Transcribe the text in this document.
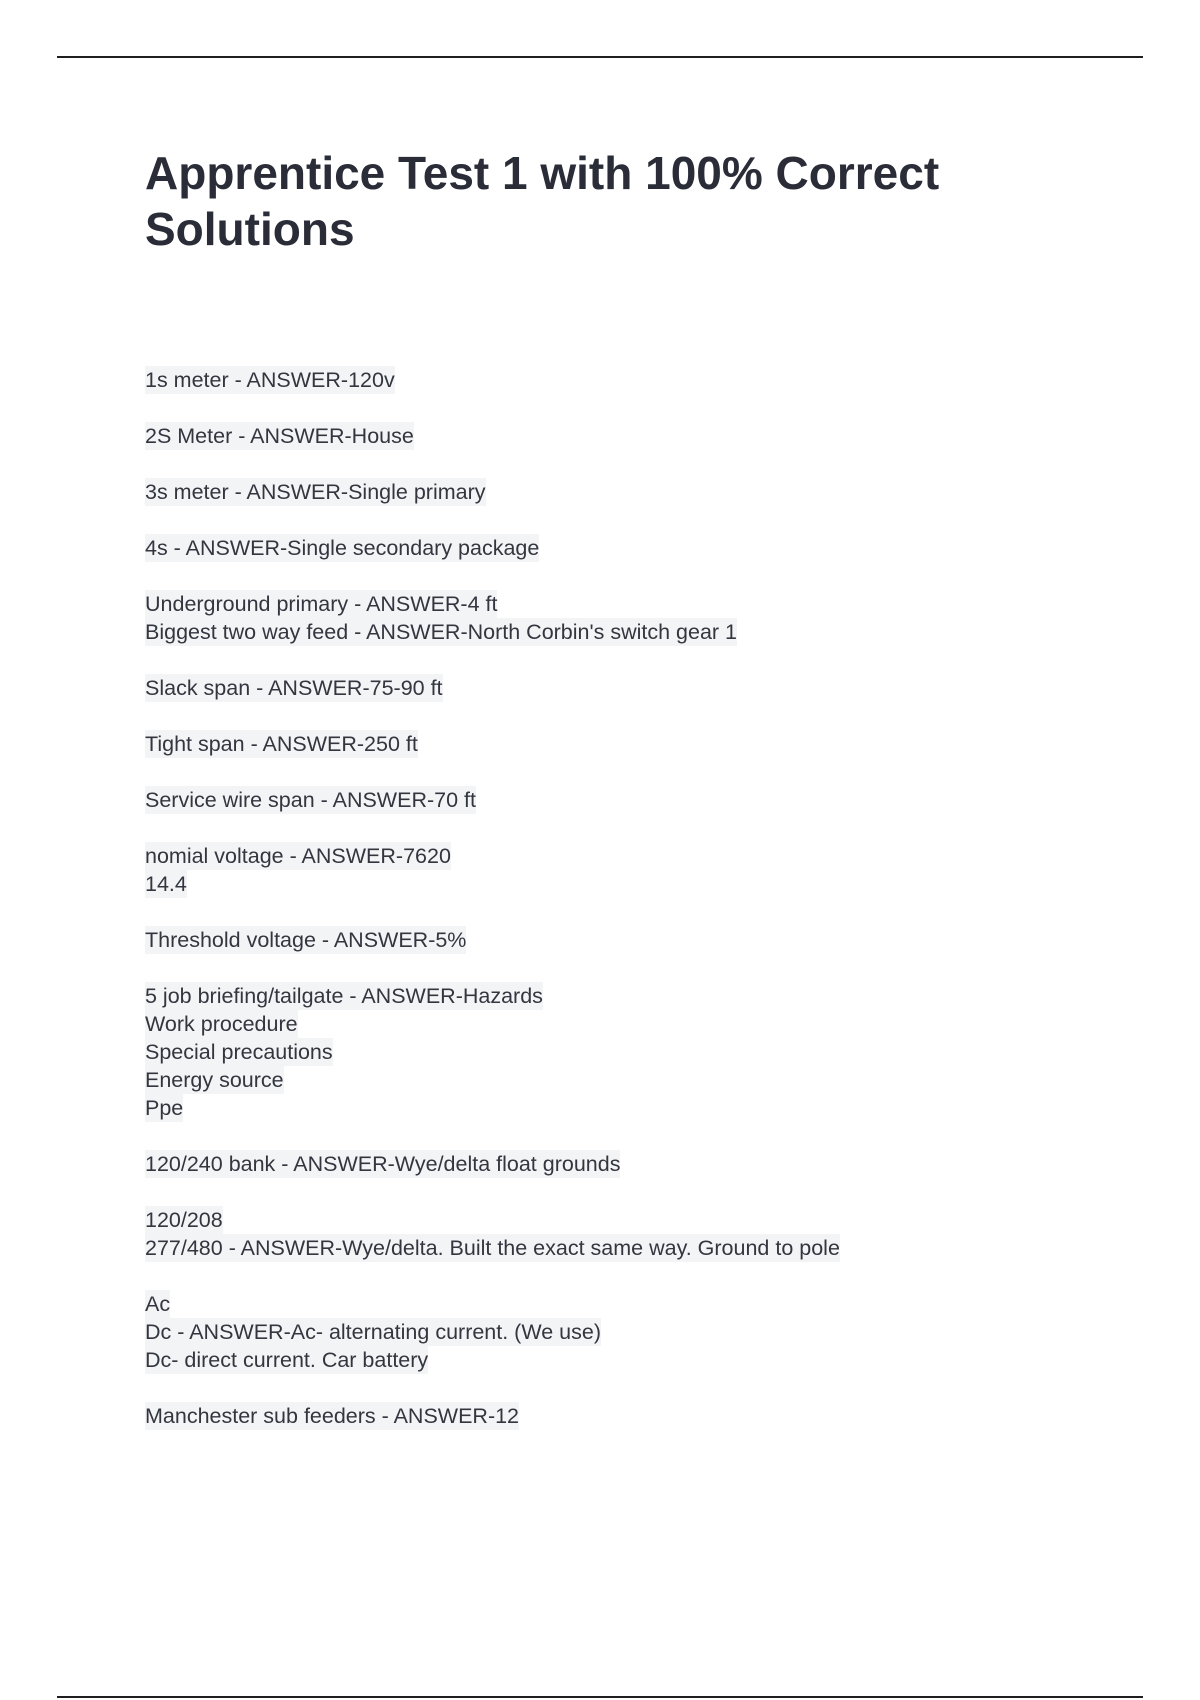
Apprentice Test 1 with 100% Correct Solutions
1s meter - ANSWER-120v
2S Meter - ANSWER-House
3s meter - ANSWER-Single primary
4s - ANSWER-Single secondary package
Underground primary - ANSWER-4 ft
Biggest two way feed - ANSWER-North Corbin's switch gear 1
Slack span - ANSWER-75-90 ft
Tight span - ANSWER-250 ft
Service wire span - ANSWER-70 ft
nomial voltage - ANSWER-7620
14.4
Threshold voltage - ANSWER-5%
5 job briefing/tailgate - ANSWER-Hazards
Work procedure
Special precautions
Energy source
Ppe
120/240 bank - ANSWER-Wye/delta float grounds
120/208
277/480 - ANSWER-Wye/delta. Built the exact same way. Ground to pole
Ac
Dc - ANSWER-Ac- alternating current. (We use)
Dc- direct current. Car battery
Manchester sub feeders - ANSWER-12
